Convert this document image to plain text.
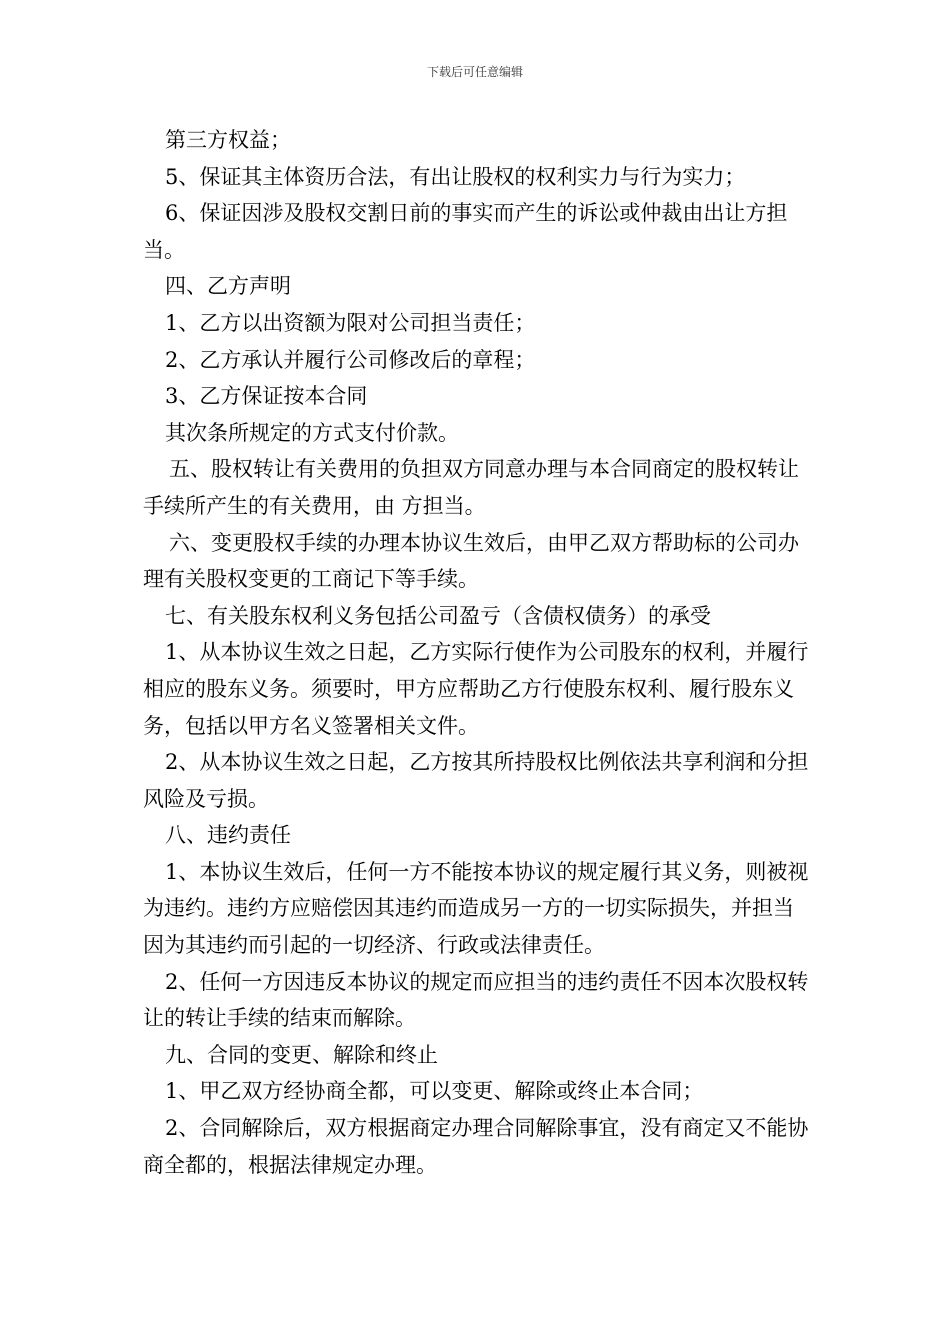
下载后可任意编辑

第三方权益；

5、保证其主体资历合法，有出让股权的权利实力与行为实力；

6、保证因涉及股权交割日前的事实而产生的诉讼或仲裁由出让方担当。

四、乙方声明

1、乙方以出资额为限对公司担当责任；

2、乙方承认并履行公司修改后的章程；

3、乙方保证按本合同

其次条所规定的方式支付价款。

五、股权转让有关费用的负担双方同意办理与本合同商定的股权转让手续所产生的有关费用，由 方担当。

六、变更股权手续的办理本协议生效后，由甲乙双方帮助标的公司办理有关股权变更的工商记下等手续。

七、有关股东权利义务包括公司盈亏（含债权债务）的承受

1、从本协议生效之日起，乙方实际行使作为公司股东的权利，并履行相应的股东义务。须要时，甲方应帮助乙方行使股东权利、履行股东义务，包括以甲方名义签署相关文件。

2、从本协议生效之日起，乙方按其所持股权比例依法共享利润和分担风险及亏损。

八、违约责任

1、本协议生效后，任何一方不能按本协议的规定履行其义务，则被视为违约。违约方应赔偿因其违约而造成另一方的一切实际损失，并担当因为其违约而引起的一切经济、行政或法律责任。

2、任何一方因违反本协议的规定而应担当的违约责任不因本次股权转让的转让手续的结束而解除。

九、合同的变更、解除和终止

1、甲乙双方经协商全都，可以变更、解除或终止本合同；

2、合同解除后，双方根据商定办理合同解除事宜，没有商定又不能协商全都的，根据法律规定办理。
